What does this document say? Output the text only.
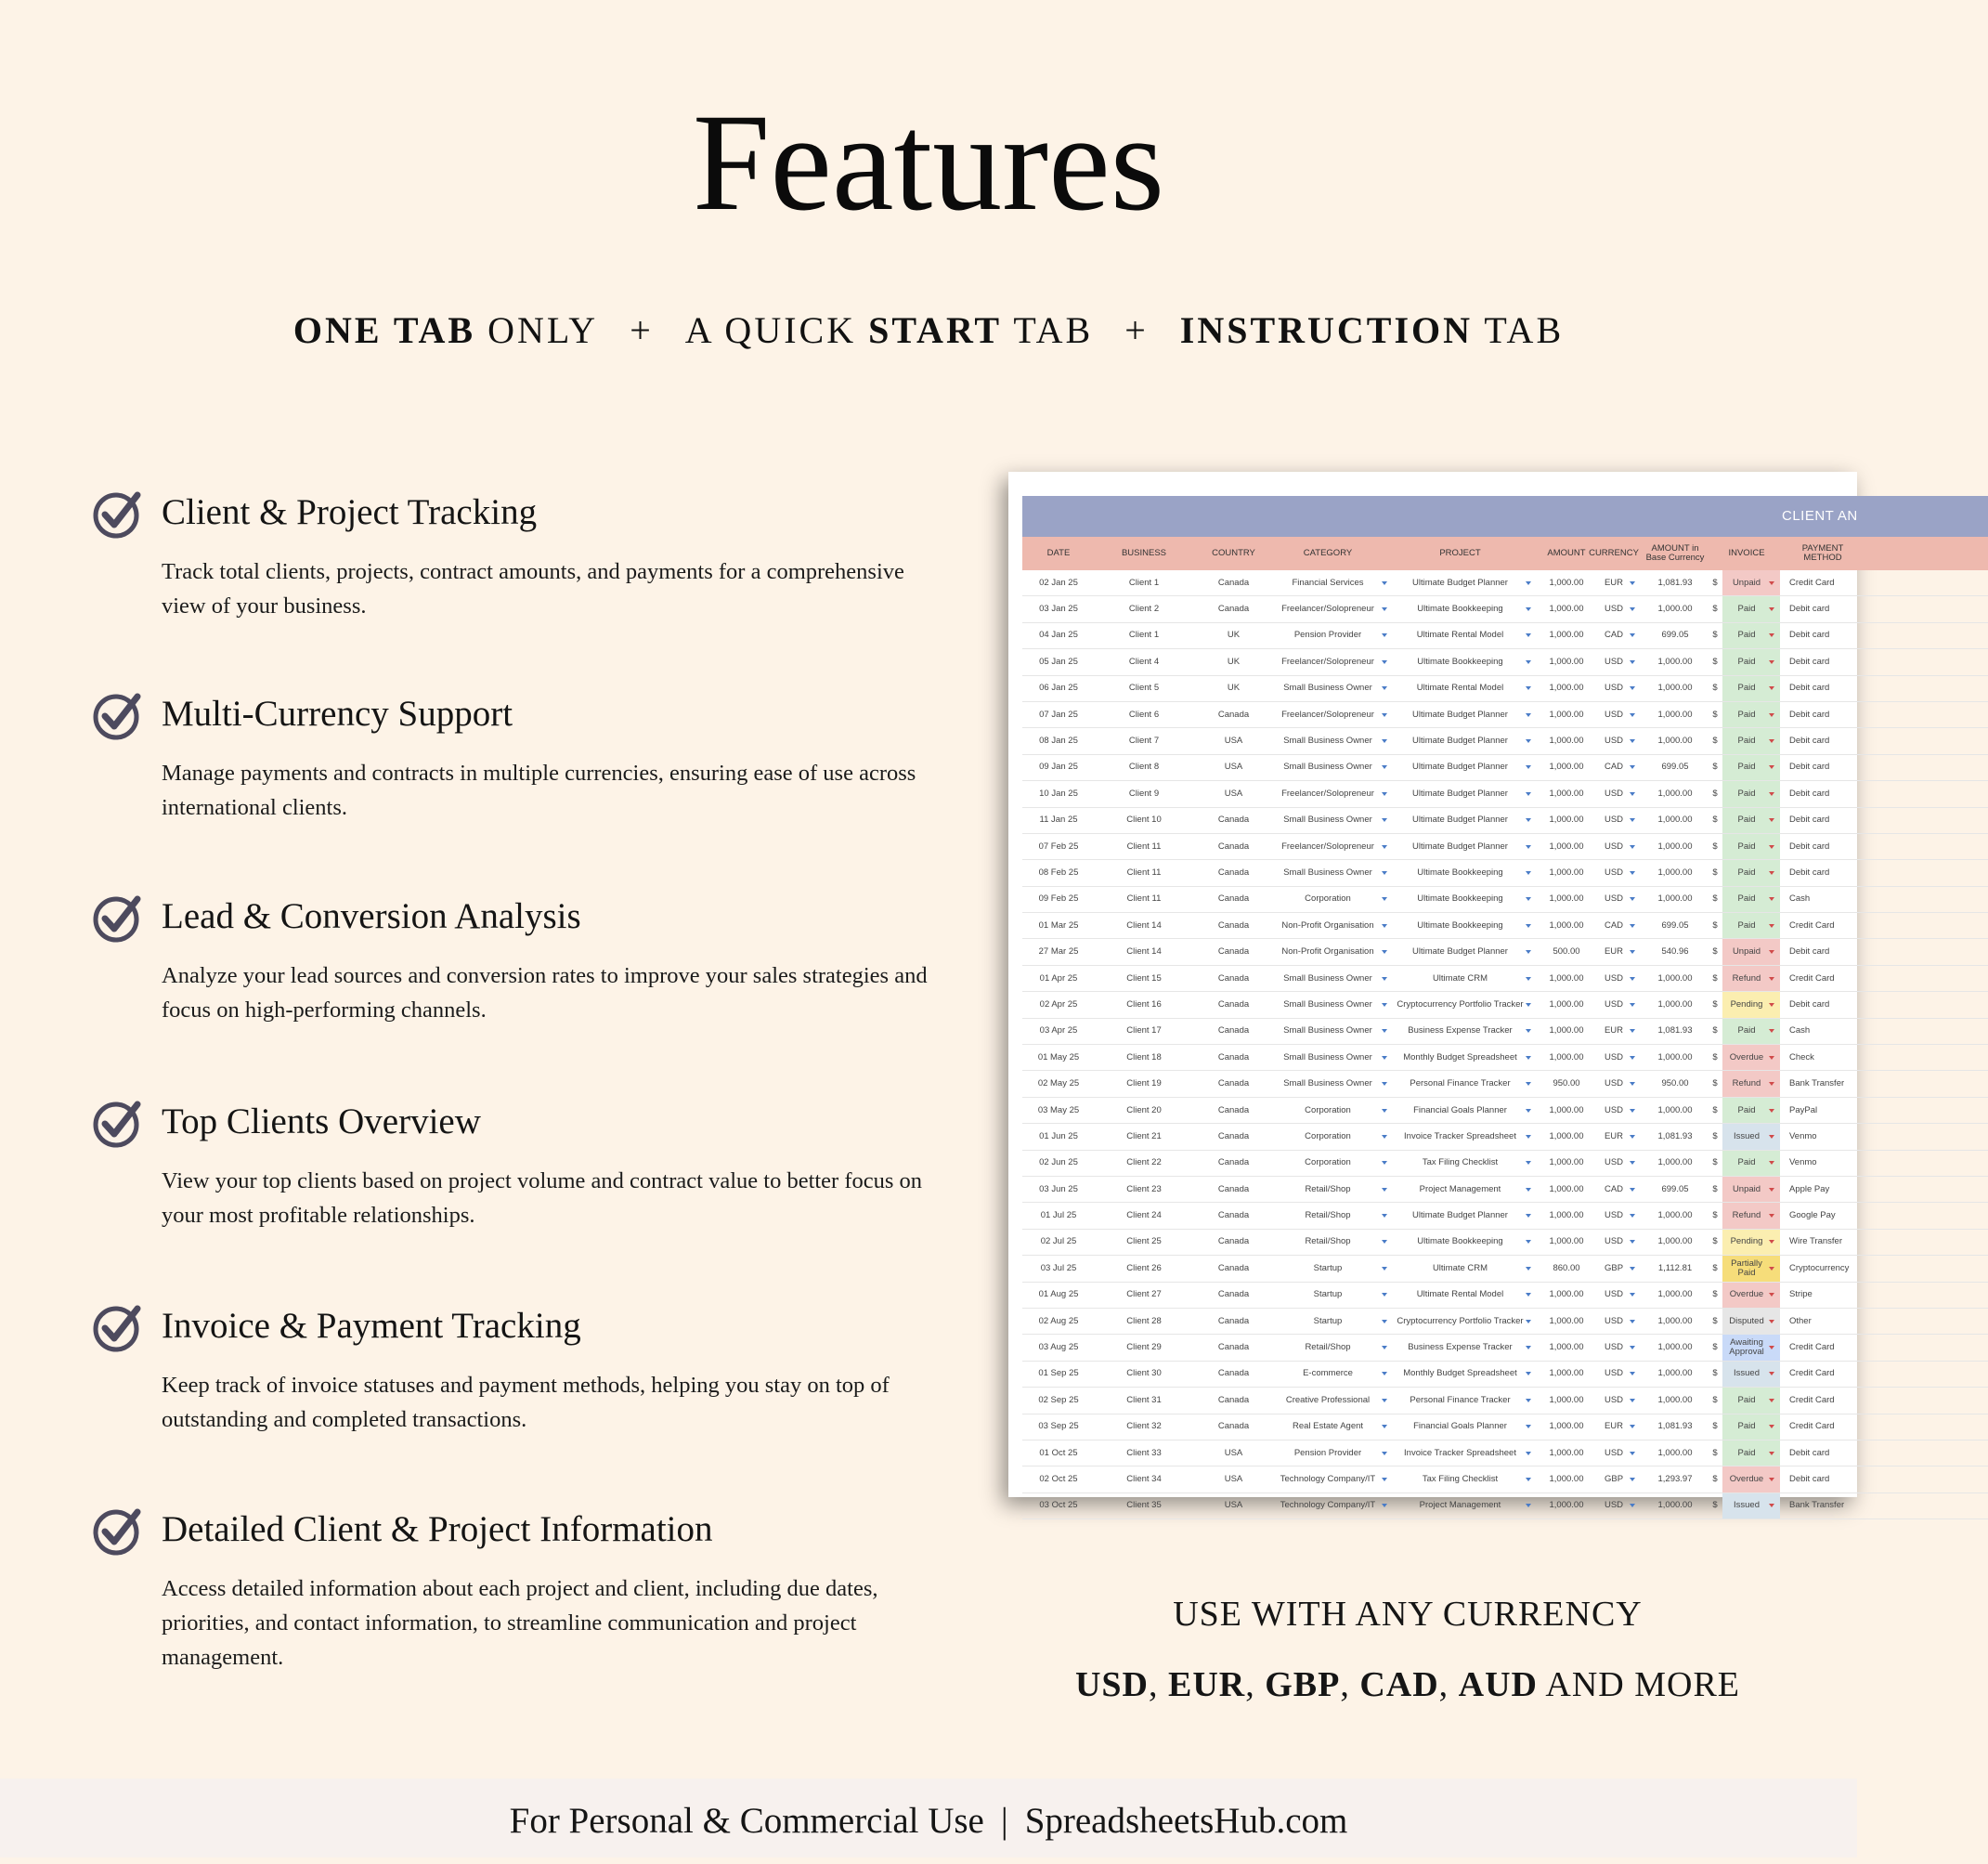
Features
ONE TAB ONLY + A QUICK START TAB + INSTRUCTION TAB
Client & Project Tracking

Track total clients, projects, contract amounts, and payments for a comprehensive view of your business.

Multi-Currency Support

Manage payments and contracts in multiple currencies, ensuring ease of use across international clients.

Lead & Conversion Analysis

Analyze your lead sources and conversion rates to improve your sales strategies and focus on high-performing channels.

Top Clients Overview

View your top clients based on project volume and contract value to better focus on your most profitable relationships.

Invoice & Payment Tracking

Keep track of invoice statuses and payment methods, helping you stay on top of outstanding and completed transactions.

Detailed Client & Project Information

Access detailed information about each project and client, including due dates, priorities, and contact information, to streamline communication and project management.

CLIENT AN
DATE	BUSINESS	COUNTRY	CATEGORY	PROJECT	AMOUNT CURRENCY	AMOUNT in Base Currency	INVOICE	PAYMENT METHOD
02 Jan 25	Client 1	Canada	Financial Services	Ultimate Budget Planner	1,000.00	EUR	1,081.93	$	Unpaid	Credit Card
03 Jan 25	Client 2	Canada	Freelancer/Solopreneur	Ultimate Bookkeeping	1,000.00	USD	1,000.00	$	Paid	Debit card
04 Jan 25	Client 1	UK	Pension Provider	Ultimate Rental Model	1,000.00	CAD	699.05	$	Paid	Debit card
05 Jan 25	Client 4	UK	Freelancer/Solopreneur	Ultimate Bookkeeping	1,000.00	USD	1,000.00	$	Paid	Debit card
06 Jan 25	Client 5	UK	Small Business Owner	Ultimate Rental Model	1,000.00	USD	1,000.00	$	Paid	Debit card
07 Jan 25	Client 6	Canada	Freelancer/Solopreneur	Ultimate Budget Planner	1,000.00	USD	1,000.00	$	Paid	Debit card
08 Jan 25	Client 7	USA	Small Business Owner	Ultimate Budget Planner	1,000.00	USD	1,000.00	$	Paid	Debit card
09 Jan 25	Client 8	USA	Small Business Owner	Ultimate Budget Planner	1,000.00	CAD	699.05	$	Paid	Debit card
10 Jan 25	Client 9	USA	Freelancer/Solopreneur	Ultimate Budget Planner	1,000.00	USD	1,000.00	$	Paid	Debit card
11 Jan 25	Client 10	Canada	Small Business Owner	Ultimate Budget Planner	1,000.00	USD	1,000.00	$	Paid	Debit card
07 Feb 25	Client 11	Canada	Freelancer/Solopreneur	Ultimate Budget Planner	1,000.00	USD	1,000.00	$	Paid	Debit card
08 Feb 25	Client 11	Canada	Small Business Owner	Ultimate Bookkeeping	1,000.00	USD	1,000.00	$	Paid	Debit card
09 Feb 25	Client 11	Canada	Corporation	Ultimate Bookkeeping	1,000.00	USD	1,000.00	$	Paid	Cash
01 Mar 25	Client 14	Canada	Non-Profit Organisation	Ultimate Bookkeeping	1,000.00	CAD	699.05	$	Paid	Credit Card
27 Mar 25	Client 14	Canada	Non-Profit Organisation	Ultimate Budget Planner	500.00	EUR	540.96	$	Unpaid	Debit card
01 Apr 25	Client 15	Canada	Small Business Owner	Ultimate CRM	1,000.00	USD	1,000.00	$	Refund	Credit Card
02 Apr 25	Client 16	Canada	Small Business Owner	Cryptocurrency Portfolio Tracker	1,000.00	USD	1,000.00	$	Pending	Debit card
03 Apr 25	Client 17	Canada	Small Business Owner	Business Expense Tracker	1,000.00	EUR	1,081.93	$	Paid	Cash
01 May 25	Client 18	Canada	Small Business Owner	Monthly Budget Spreadsheet	1,000.00	USD	1,000.00	$	Overdue	Check
02 May 25	Client 19	Canada	Small Business Owner	Personal Finance Tracker	950.00	USD	950.00	$	Refund	Bank Transfer
03 May 25	Client 20	Canada	Corporation	Financial Goals Planner	1,000.00	USD	1,000.00	$	Paid	PayPal
01 Jun 25	Client 21	Canada	Corporation	Invoice Tracker Spreadsheet	1,000.00	EUR	1,081.93	$	Issued	Venmo
02 Jun 25	Client 22	Canada	Corporation	Tax Filing Checklist	1,000.00	USD	1,000.00	$	Paid	Venmo
03 Jun 25	Client 23	Canada	Retail/Shop	Project Management	1,000.00	CAD	699.05	$	Unpaid	Apple Pay
01 Jul 25	Client 24	Canada	Retail/Shop	Ultimate Budget Planner	1,000.00	USD	1,000.00	$	Refund	Google Pay
02 Jul 25	Client 25	Canada	Retail/Shop	Ultimate Bookkeeping	1,000.00	USD	1,000.00	$	Pending	Wire Transfer
03 Jul 25	Client 26	Canada	Startup	Ultimate CRM	860.00	GBP	1,112.81	$	Partially Paid	Cryptocurrency
01 Aug 25	Client 27	Canada	Startup	Ultimate Rental Model	1,000.00	USD	1,000.00	$	Overdue	Stripe
02 Aug 25	Client 28	Canada	Startup	Cryptocurrency Portfolio Tracker	1,000.00	USD	1,000.00	$	Disputed	Other
03 Aug 25	Client 29	Canada	Retail/Shop	Business Expense Tracker	1,000.00	USD	1,000.00	$	Awaiting Approval	Credit Card
01 Sep 25	Client 30	Canada	E-commerce	Monthly Budget Spreadsheet	1,000.00	USD	1,000.00	$	Issued	Credit Card
02 Sep 25	Client 31	Canada	Creative Professional	Personal Finance Tracker	1,000.00	USD	1,000.00	$	Paid	Credit Card
03 Sep 25	Client 32	Canada	Real Estate Agent	Financial Goals Planner	1,000.00	EUR	1,081.93	$	Paid	Credit Card
01 Oct 25	Client 33	USA	Pension Provider	Invoice Tracker Spreadsheet	1,000.00	USD	1,000.00	$	Paid	Debit card
02 Oct 25	Client 34	USA	Technology Company/IT	Tax Filing Checklist	1,000.00	GBP	1,293.97	$	Overdue	Debit card
03 Oct 25	Client 35	USA	Technology Company/IT	Project Management	1,000.00	USD	1,000.00	$	Issued	Bank Transfer
USE WITH ANY CURRENCY
USD, EUR, GBP, CAD, AUD AND MORE
For Personal & Commercial Use | SpreadsheetsHub.com
